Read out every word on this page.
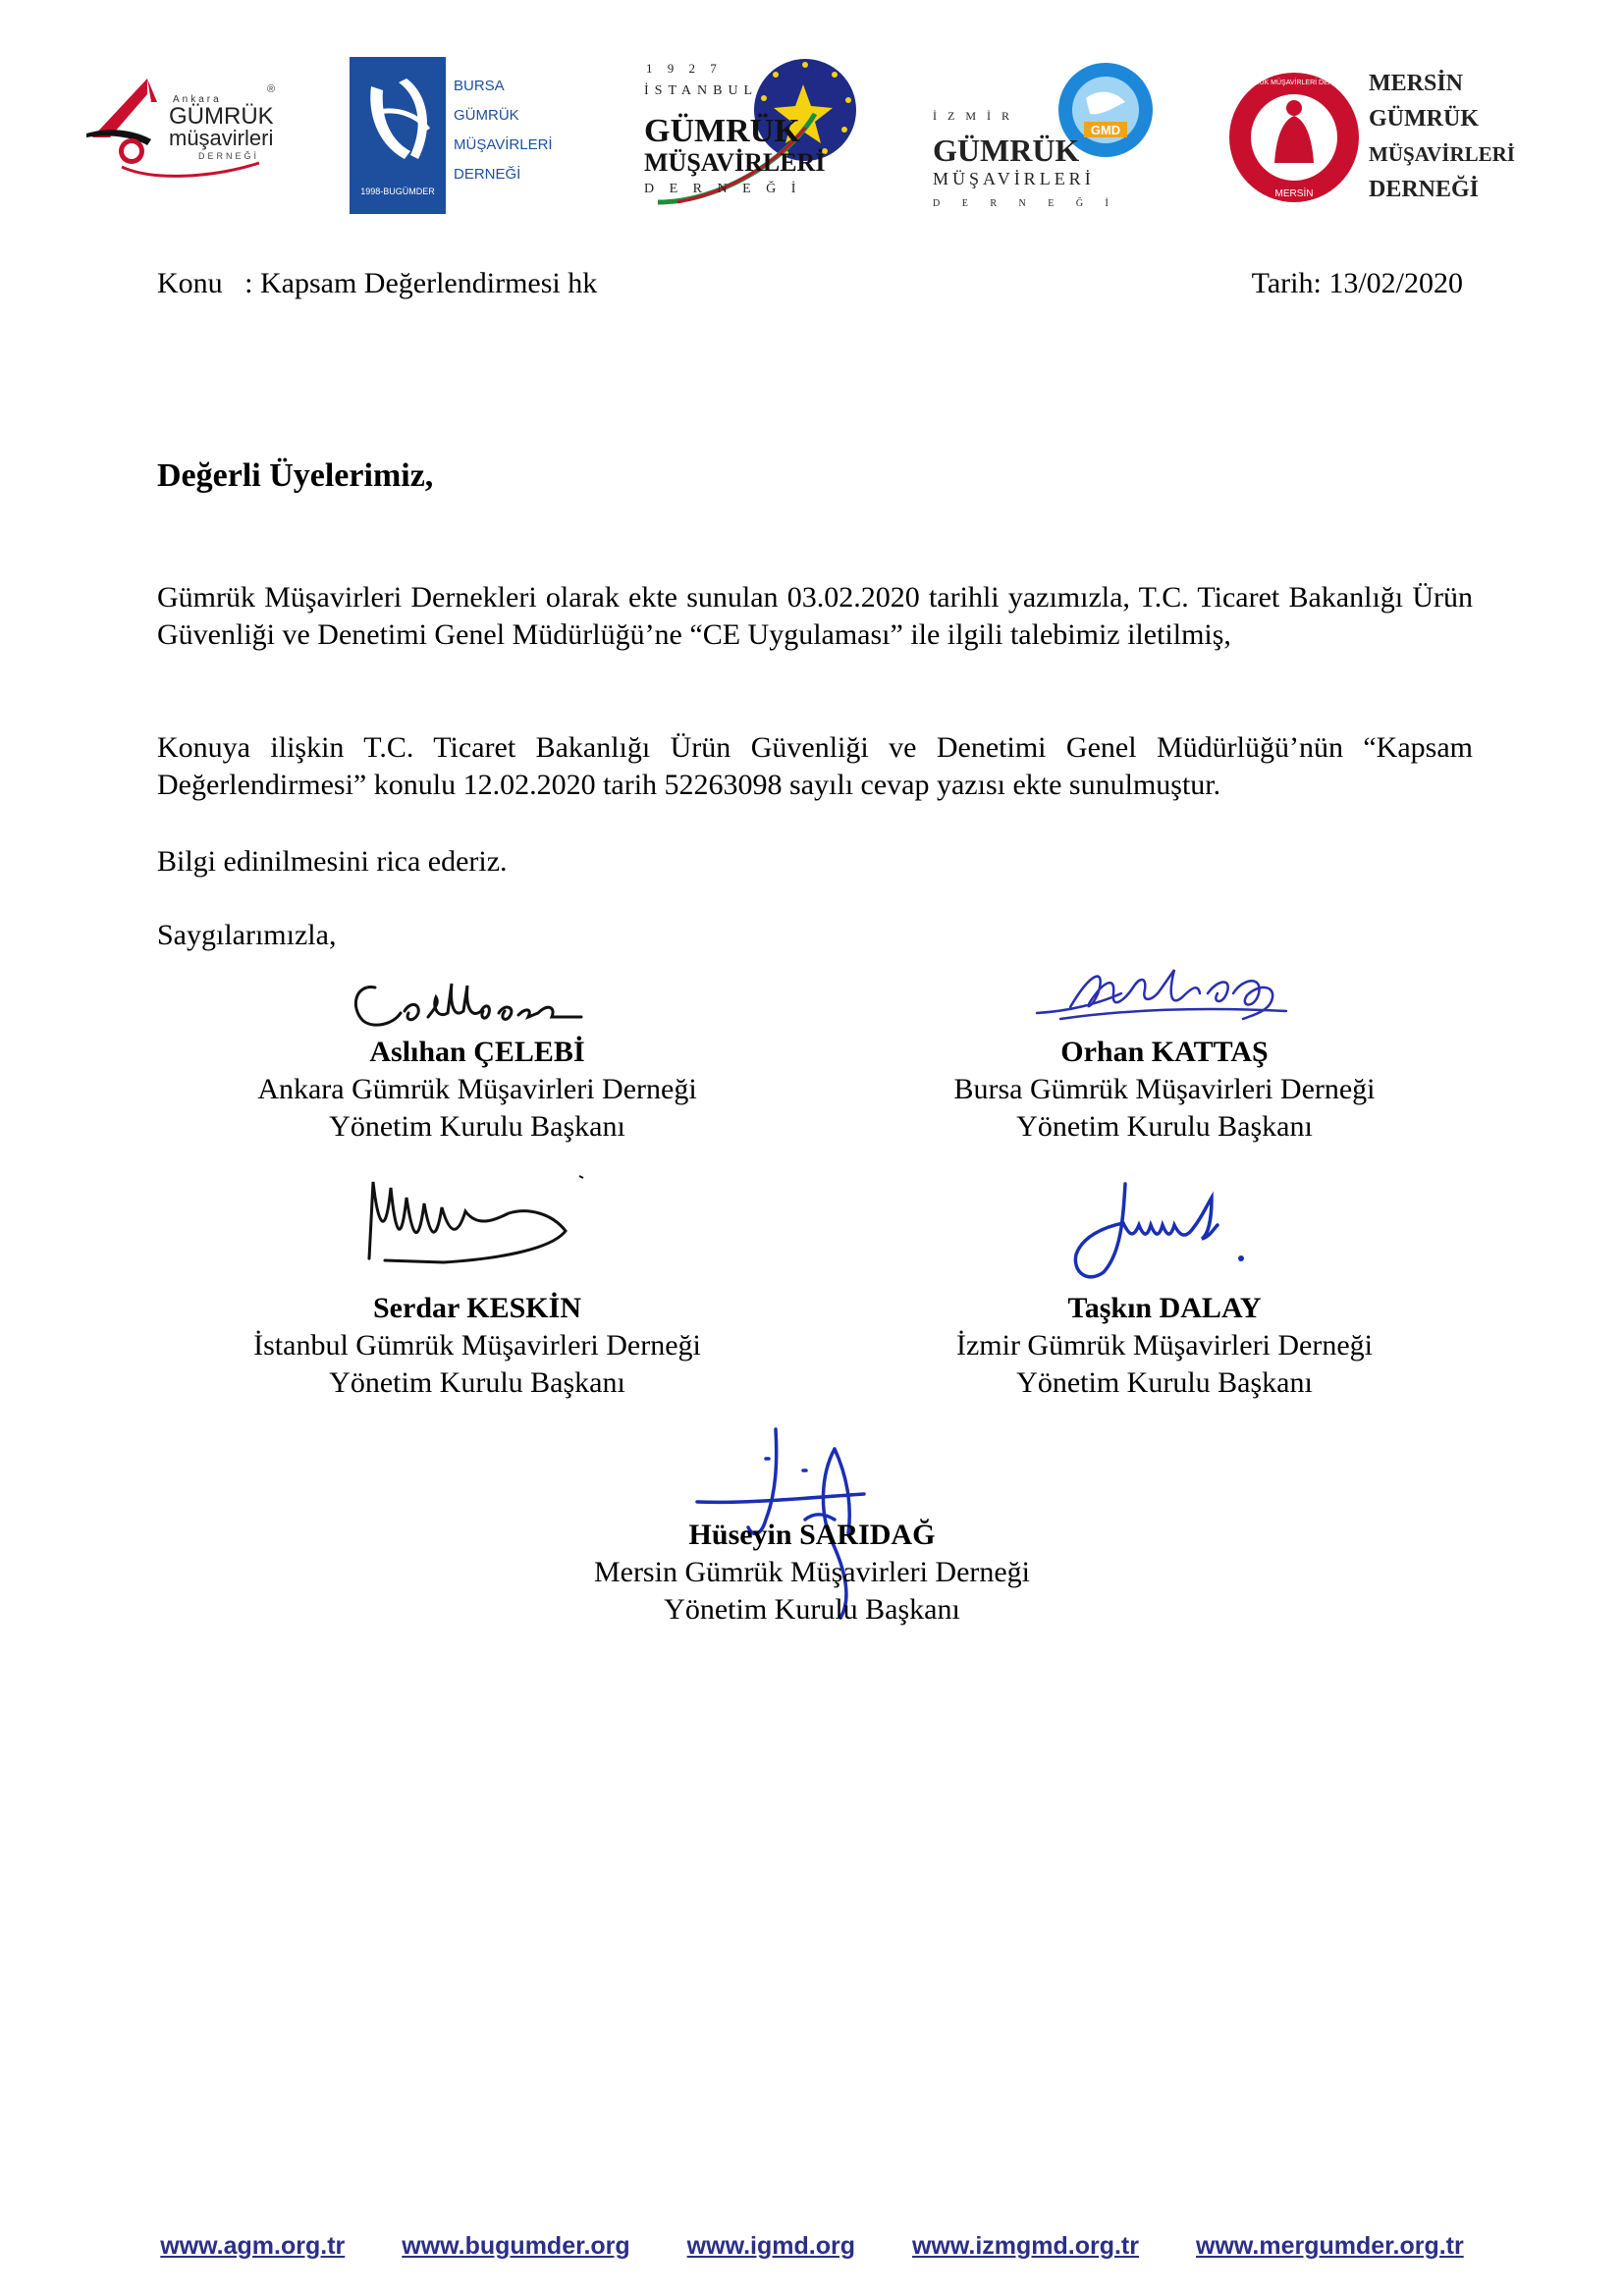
®
Ankara
GÜMRÜK
müşavirleri
DERNEĞİ
1998-BUGÜMDER
BURSA
GÜMRÜK
MÜŞAVİRLERİ
DERNEĞİ
1 9 2 7
İSTANBUL
GÜMRÜK
MÜŞAVİRLERİ
D E R N E Ğ İ
GMD
İ Z M İ R
GÜMRÜK
MÜŞAVİRLERİ
D E R N E Ğ İ
GÜMRÜK MÜŞAVİRLERİ DERNEĞİ
MERSİN
MERSİN
GÜMRÜK
MÜŞAVİRLERİ
DERNEĞİ
Konu   : Kapsam Değerlendirmesi hk	Tarih: 13/02/2020
Değerli Üyelerimiz,
Gümrük Müşavirleri Dernekleri olarak ekte sunulan 03.02.2020 tarihli yazımızla, T.C. Ticaret Bakanlığı Ürün Güvenliği ve Denetimi Genel Müdürlüğü’ne “CE Uygulaması” ile ilgili talebimiz iletilmiş,
Konuya ilişkin T.C. Ticaret Bakanlığı Ürün Güvenliği ve Denetimi Genel Müdürlüğü’nün “Kapsam Değerlendirmesi” konulu 12.02.2020 tarih 52263098 sayılı cevap yazısı ekte sunulmuştur.
Bilgi edinilmesini rica ederiz.
Saygılarımızla,
Aslıhan ÇELEBİ
Ankara Gümrük Müşavirleri Derneği
Yönetim Kurulu Başkanı
Orhan KATTAŞ
Bursa Gümrük Müşavirleri Derneği
Yönetim Kurulu Başkanı
Serdar KESKİN
İstanbul Gümrük Müşavirleri Derneği
Yönetim Kurulu Başkanı
Taşkın DALAY
İzmir Gümrük Müşavirleri Derneği
Yönetim Kurulu Başkanı
Hüseyin SARIDAĞ
Mersin Gümrük Müşavirleri Derneği
Yönetim Kurulu Başkanı
www.agm.org.tr www.bugumder.org www.igmd.org www.izmgmd.org.tr www.mergumder.org.tr
